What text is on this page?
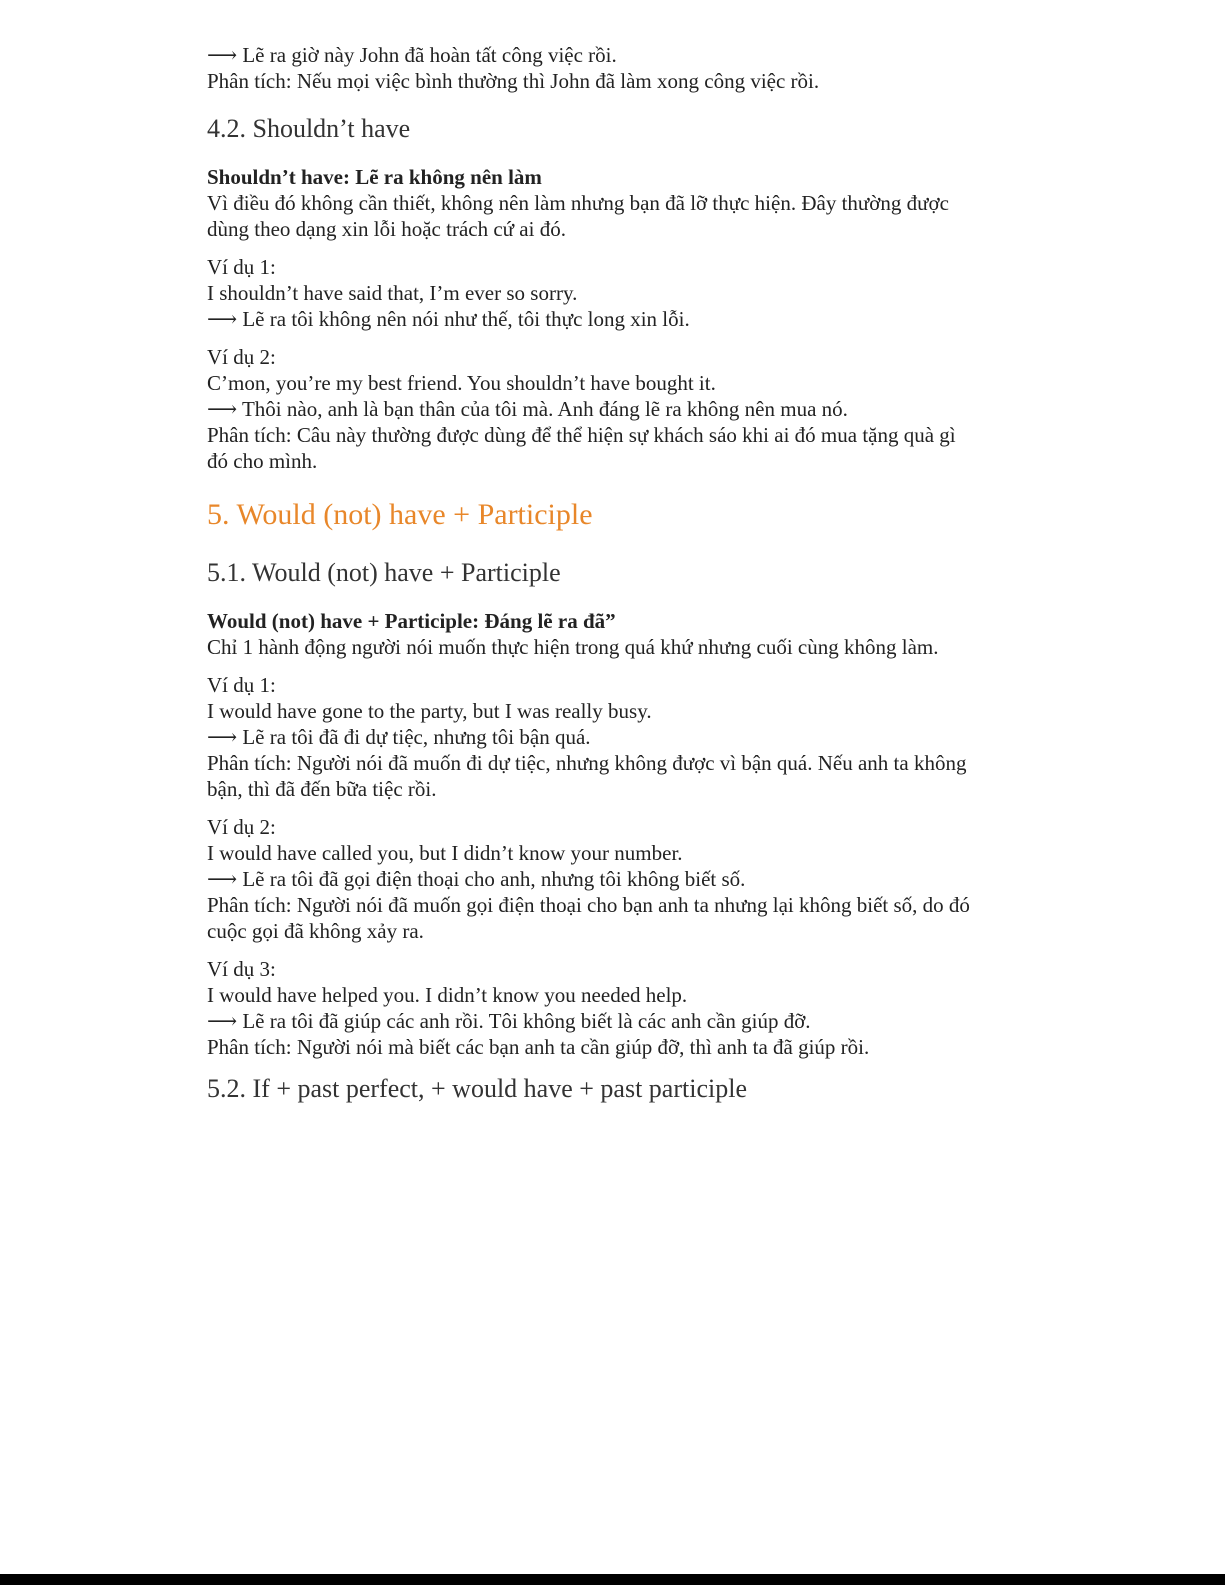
⟶ Lẽ ra giờ này John đã hoàn tất công việc rồi.

Phân tích: Nếu mọi việc bình thường thì John đã làm xong công việc rồi.

4.2. Shouldn’t have

Shouldn’t have: Lẽ ra không nên làm

Vì điều đó không cần thiết, không nên làm nhưng bạn đã lỡ thực hiện. Đây thường được

dùng theo dạng xin lỗi hoặc trách cứ ai đó.

Ví dụ 1:

I shouldn’t have said that, I’m ever so sorry.

⟶ Lẽ ra tôi không nên nói như thế, tôi thực long xin lỗi.

Ví dụ 2:

C’mon, you’re my best friend. You shouldn’t have bought it.

⟶ Thôi nào, anh là bạn thân của tôi mà. Anh đáng lẽ ra không nên mua nó.

Phân tích: Câu này thường được dùng để thể hiện sự khách sáo khi ai đó mua tặng quà gì

đó cho mình.

5. Would (not) have + Participle
5.1. Would (not) have + Participle

Would (not) have + Participle: Đáng lẽ ra đã”

Chỉ 1 hành động người nói muốn thực hiện trong quá khứ nhưng cuối cùng không làm.

Ví dụ 1:

I would have gone to the party, but I was really busy.

⟶ Lẽ ra tôi đã đi dự tiệc, nhưng tôi bận quá.

Phân tích: Người nói đã muốn đi dự tiệc, nhưng không được vì bận quá. Nếu anh ta không

bận, thì đã đến bữa tiệc rồi.

Ví dụ 2:

I would have called you, but I didn’t know your number.

⟶ Lẽ ra tôi đã gọi điện thoại cho anh, nhưng tôi không biết số.

Phân tích: Người nói đã muốn gọi điện thoại cho bạn anh ta nhưng lại không biết số, do đó

cuộc gọi đã không xảy ra.

Ví dụ 3:

I would have helped you. I didn’t know you needed help.

⟶ Lẽ ra tôi đã giúp các anh rồi. Tôi không biết là các anh cần giúp đỡ.

Phân tích: Người nói mà biết các bạn anh ta cần giúp đỡ, thì anh ta đã giúp rồi.

5.2. If + past perfect, + would have + past participle
